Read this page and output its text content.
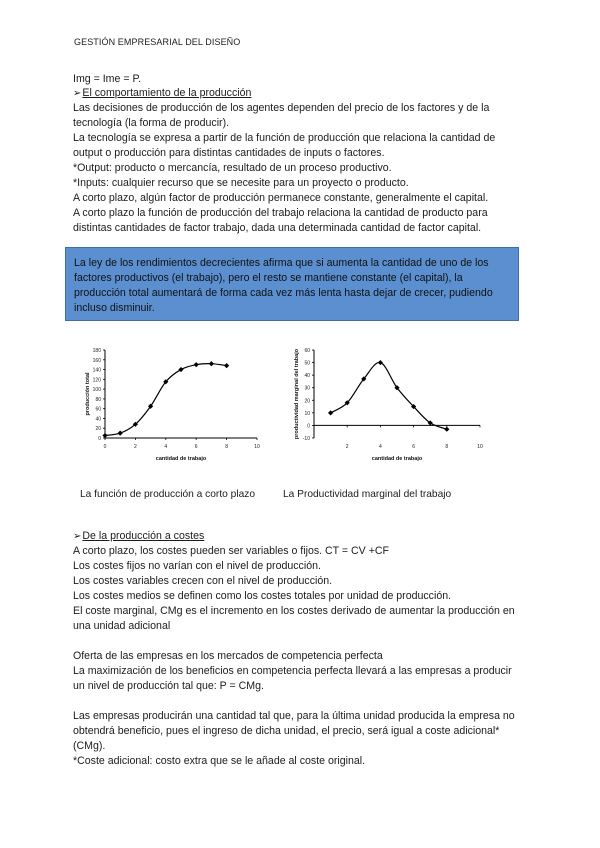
GESTIÓN EMPRESARIAL DEL DISEÑO
Img = Ime = P.
➢El comportamiento de la producción
Las decisiones de producción de los agentes dependen del precio de los factores y de la
tecnología (la forma de producir).
La tecnología se expresa a partir de la función de producción que relaciona la cantidad de
output o producción para distintas cantidades de inputs o factores.
*Output: producto o mercancía, resultado de un proceso productivo.
*Inputs: cualquier recurso que se necesite para un proyecto o producto.
A corto plazo, algún factor de producción permanece constante, generalmente el capital.
A corto plazo la función de producción del trabajo relaciona la cantidad de producto para
distintas cantidades de factor trabajo, dada una determinada cantidad de factor capital.
La ley de los rendimientos decrecientes afirma que si aumenta la cantidad de uno de los
factores productivos (el trabajo), pero el resto se mantiene constante (el capital), la
producción total aumentará de forma cada vez más lenta hasta dejar de crecer, pudiendo
incluso disminuir.
0
20
40
60
80
100
120
140
160
180
0	2	4	6	8	10
cantidad de trabajo
producción total
-10
0
10
20
30
40
50
60
2	4	6	8	10
cantidad de trabajo
productividad marginal del trabajo
La función de producción a corto plazo	La Productividad marginal del trabajo
➢De la producción a costes
A corto plazo, los costes pueden ser variables o fijos. CT = CV +CF
Los costes fijos no varían con el nivel de producción.
Los costes variables crecen con el nivel de producción.
Los costes medios se definen como los costes totales por unidad de producción.
El coste marginal, CMg es el incremento en los costes derivado de aumentar la producción en
una unidad adicional
Oferta de las empresas en los mercados de competencia perfecta
La maximización de los beneficios en competencia perfecta llevará a las empresas a producir
un nivel de producción tal que: P = CMg.
Las empresas producirán una cantidad tal que, para la última unidad producida la empresa no
obtendrá beneficio, pues el ingreso de dicha unidad, el precio, será igual a coste adicional*
(CMg).
*Coste adicional: costo extra que se le añade al coste original.
